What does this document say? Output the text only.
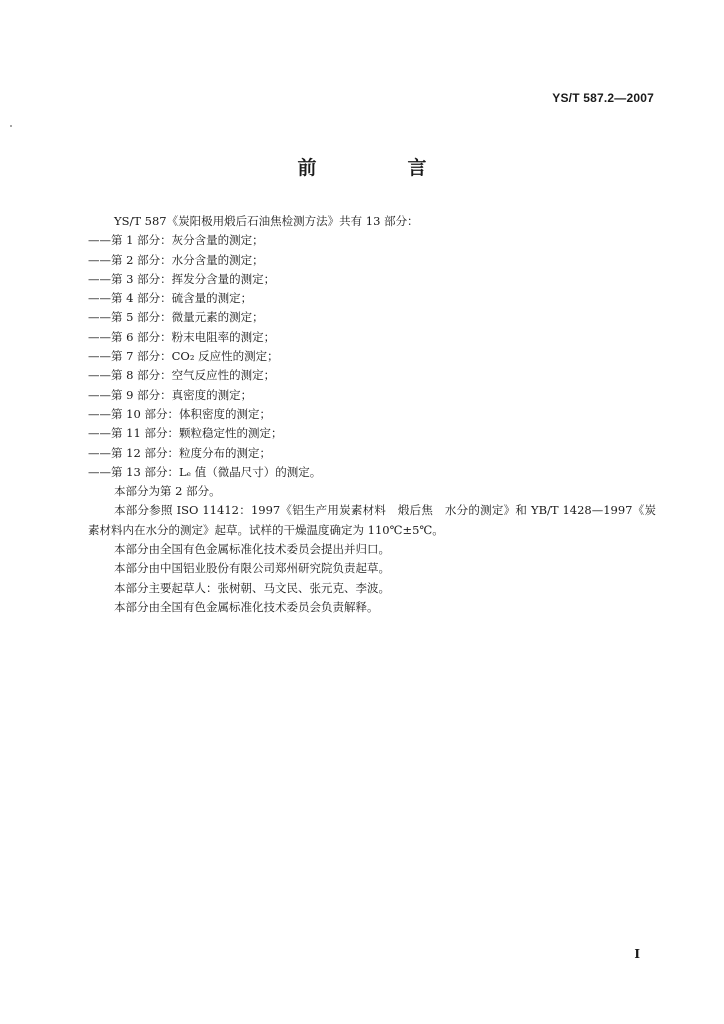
YS/T 587.2—2007
前　言

YS/T 587《炭阳极用煅后石油焦检测方法》共有 13 部分：

——第 1 部分：灰分含量的测定；

——第 2 部分：水分含量的测定；

——第 3 部分：挥发分含量的测定；

——第 4 部分：硫含量的测定；

——第 5 部分：微量元素的测定；

——第 6 部分：粉末电阻率的测定；

——第 7 部分：CO₂ 反应性的测定；

——第 8 部分：空气反应性的测定；

——第 9 部分：真密度的测定；

——第 10 部分：体积密度的测定；

——第 11 部分：颗粒稳定性的测定；

——第 12 部分：粒度分布的测定；

——第 13 部分：Lₑ 值（微晶尺寸）的测定。

本部分为第 2 部分。

本部分参照 ISO 11412：1997《铝生产用炭素材料　煅后焦　水分的测定》和 YB/T 1428—1997《炭素材料内在水分的测定》起草。试样的干燥温度确定为 110℃±5℃。

本部分由全国有色金属标准化技术委员会提出并归口。

本部分由中国铝业股份有限公司郑州研究院负责起草。

本部分主要起草人：张树朝、马文民、张元克、李波。

本部分由全国有色金属标准化技术委员会负责解释。

I
